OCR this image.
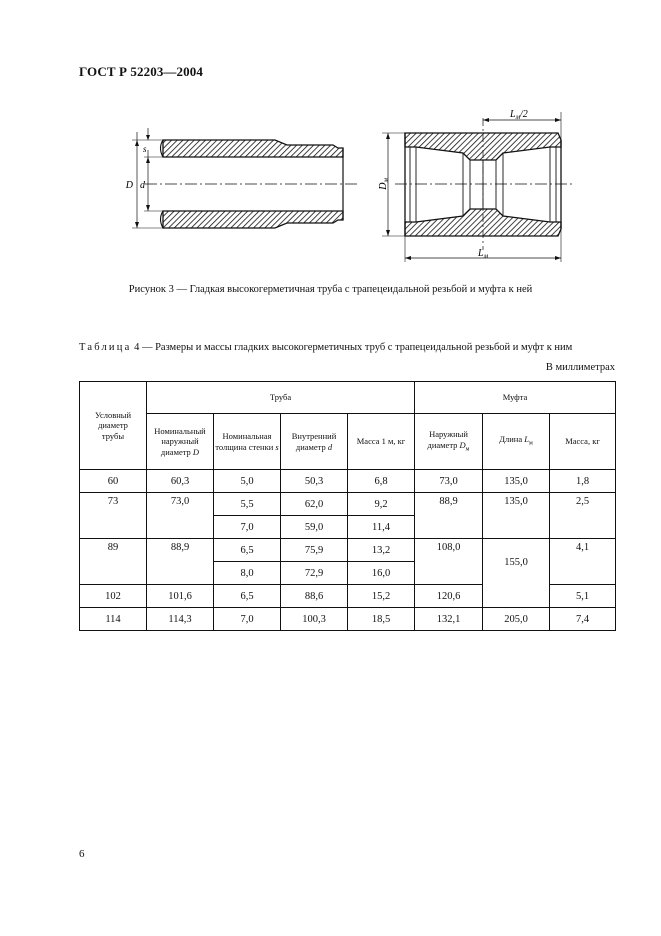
ГОСТ Р 52203—2004
s
D d	$D_м$
$L_м$
$L_м/2$
Рисунок 3 — Гладкая высокогерметичная труба с трапецеидальной резьбой и муфта к ней
Таблица 4 — Размеры и массы гладких высокогерметичных труб с трапецеидальной резьбой и муфт к ним
В миллиметрах
Условный диаметр трубы	Труба				Муфта		
	Номинальный наружный диаметр D	Номинальная толщина стенки s	Внутренний диаметр d	Масса 1 м, кг	Наружный диаметр $D_м$	Длина $L_м$	Масса, кг
60	60,3	5,0	50,3	6,8	73,0	135,0	1,8
73	73,0	5,5	62,0	9,2	88,9	135,0	2,5
		7,0	59,0	11,4			
89	88,9	6,5	75,9	13,2	108,0	155,0	4,1
		8,0	72,9	16,0			
102	101,6	6,5	88,6	15,2	120,6		5,1
114	114,3	7,0	100,3	18,5	132,1	205,0	7,4
6
